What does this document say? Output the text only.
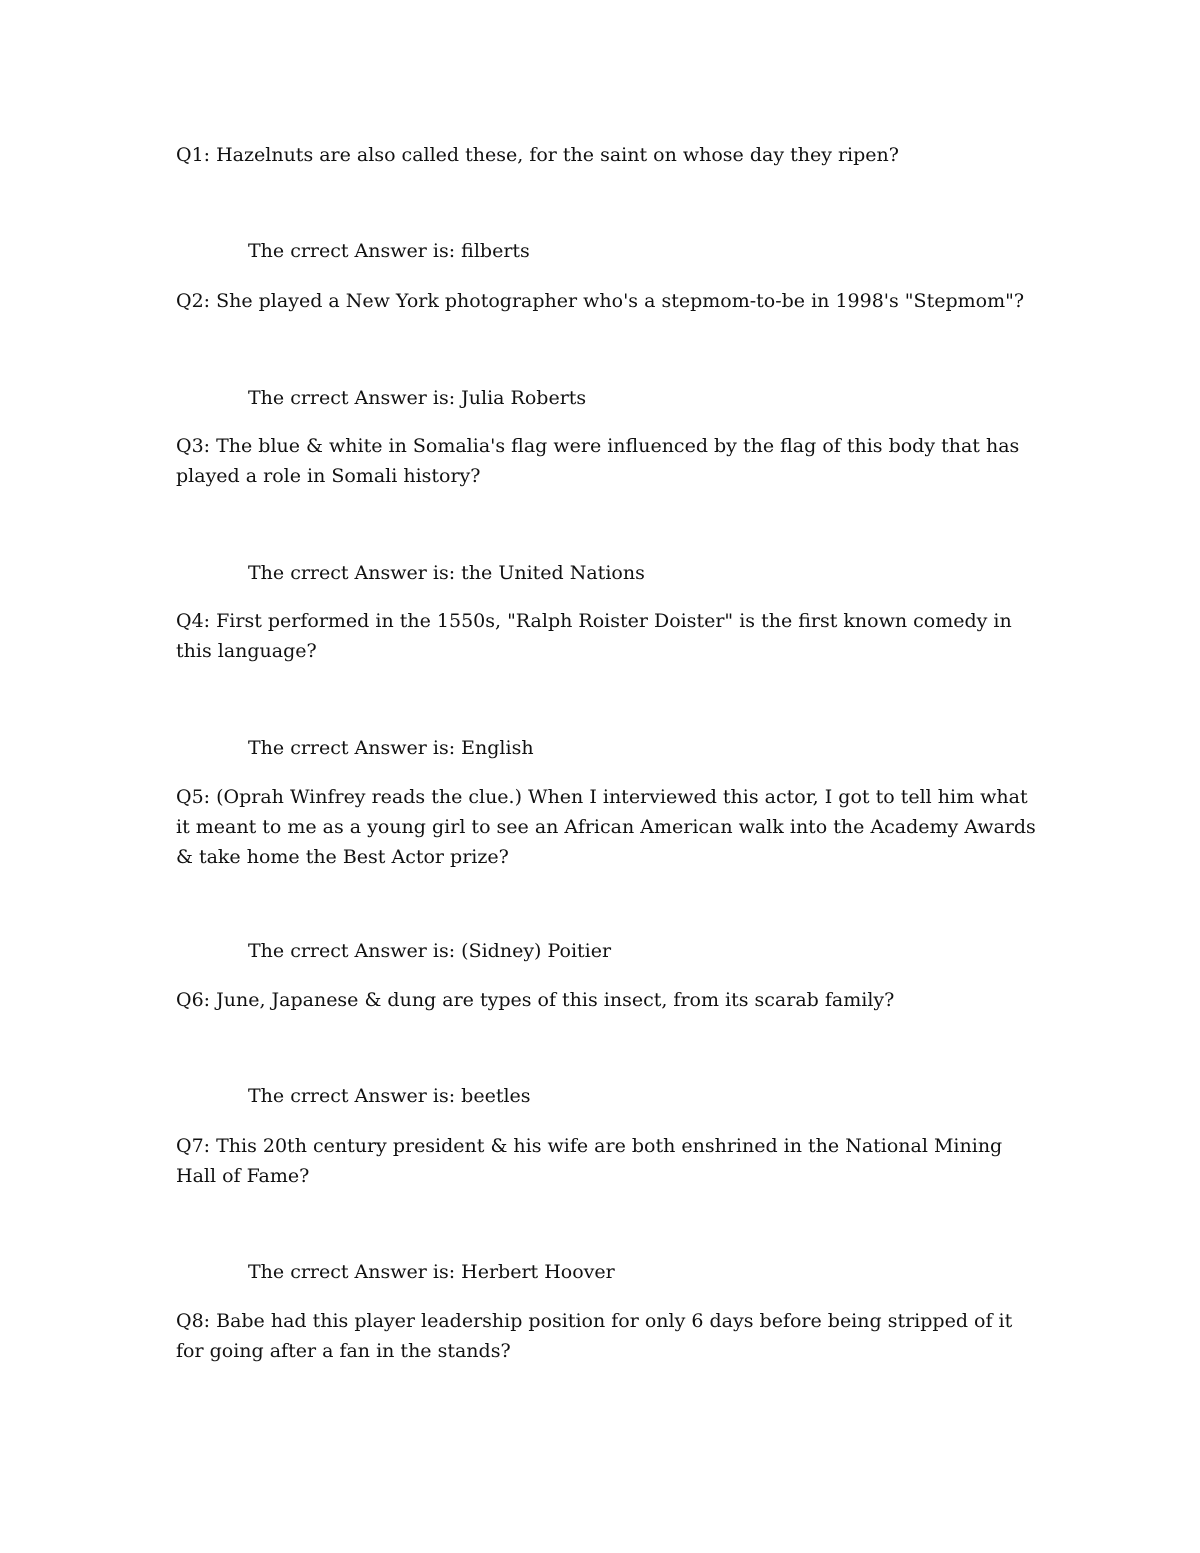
Q1: Hazelnuts are also called these, for the saint on whose day they ripen?

The crrect Answer is: filberts

Q2: She played a New York photographer who's a stepmom-to-be in 1998's "Stepmom"?

The crrect Answer is: Julia Roberts

Q3: The blue & white in Somalia's flag were influenced by the flag of this body that has played a role in Somali history?

The crrect Answer is: the United Nations

Q4: First performed in the 1550s, "Ralph Roister Doister" is the first known comedy in this language?

The crrect Answer is: English

Q5: (Oprah Winfrey reads the clue.) When I interviewed this actor, I got to tell him what it meant to me as a young girl to see an African American walk into the Academy Awards & take home the Best Actor prize?

The crrect Answer is: (Sidney) Poitier

Q6: June, Japanese & dung are types of this insect, from its scarab family?

The crrect Answer is: beetles

Q7: This 20th century president & his wife are both enshrined in the National Mining Hall of Fame?

The crrect Answer is: Herbert Hoover

Q8: Babe had this player leadership position for only 6 days before being stripped of it for going after a fan in the stands?
